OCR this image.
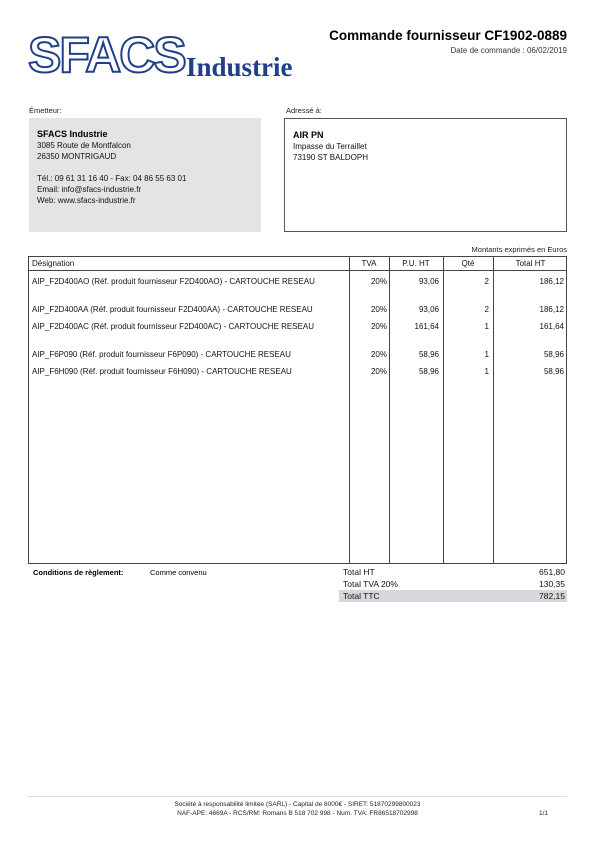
SFACS Industrie
Commande fournisseur CF1902-0889
Date de commande : 06/02/2019
Émetteur:	Adressé à:
SFACS Industrie
3085 Route de Montfalcon
26350 MONTRIGAUD
Tél.: 09 61 31 16 40 - Fax: 04 86 55 63 01
Email: info@sfacs-industrie.fr
Web: www.sfacs-industrie.fr
AIR PN
Impasse du Terraillet
73190 ST BALDOPH
Montants exprimés en Euros
Désignation	TVA	P.U. HT	Qté	Total HT
AIP_F2D400AO (Réf. produit fournisseur F2D400AO) - CARTOUCHE RESEAU	20%	93,06	2	186,12
AIP_F2D400AA (Réf. produit fournisseur F2D400AA) - CARTOUCHE RESEAU	20%	93,06	2	186,12
AIP_F2D400AC (Réf. produit fournisseur F2D400AC) - CARTOUCHE RESEAU	20%	161,64	1	161,64
AIP_F6P090 (Réf. produit fournisseur F6P090) - CARTOUCHE RESEAU	20%	58,96	1	58,96
AIP_F6H090 (Réf. produit fournisseur F6H090) - CARTOUCHE RESEAU	20%	58,96	1	58,96
Conditions de règlement:	Comme convenu	Total HT	651,80
Total TVA 20%	130,35
Total TTC	782,15
Société à responsabilité limitée (SARL) - Capital de 8000€ - SIRET: 51870299800023
NAF-APE: 4669A - RCS/RM: Romans B 518 702 998 - Num. TVA: FR86518702998	1/1
